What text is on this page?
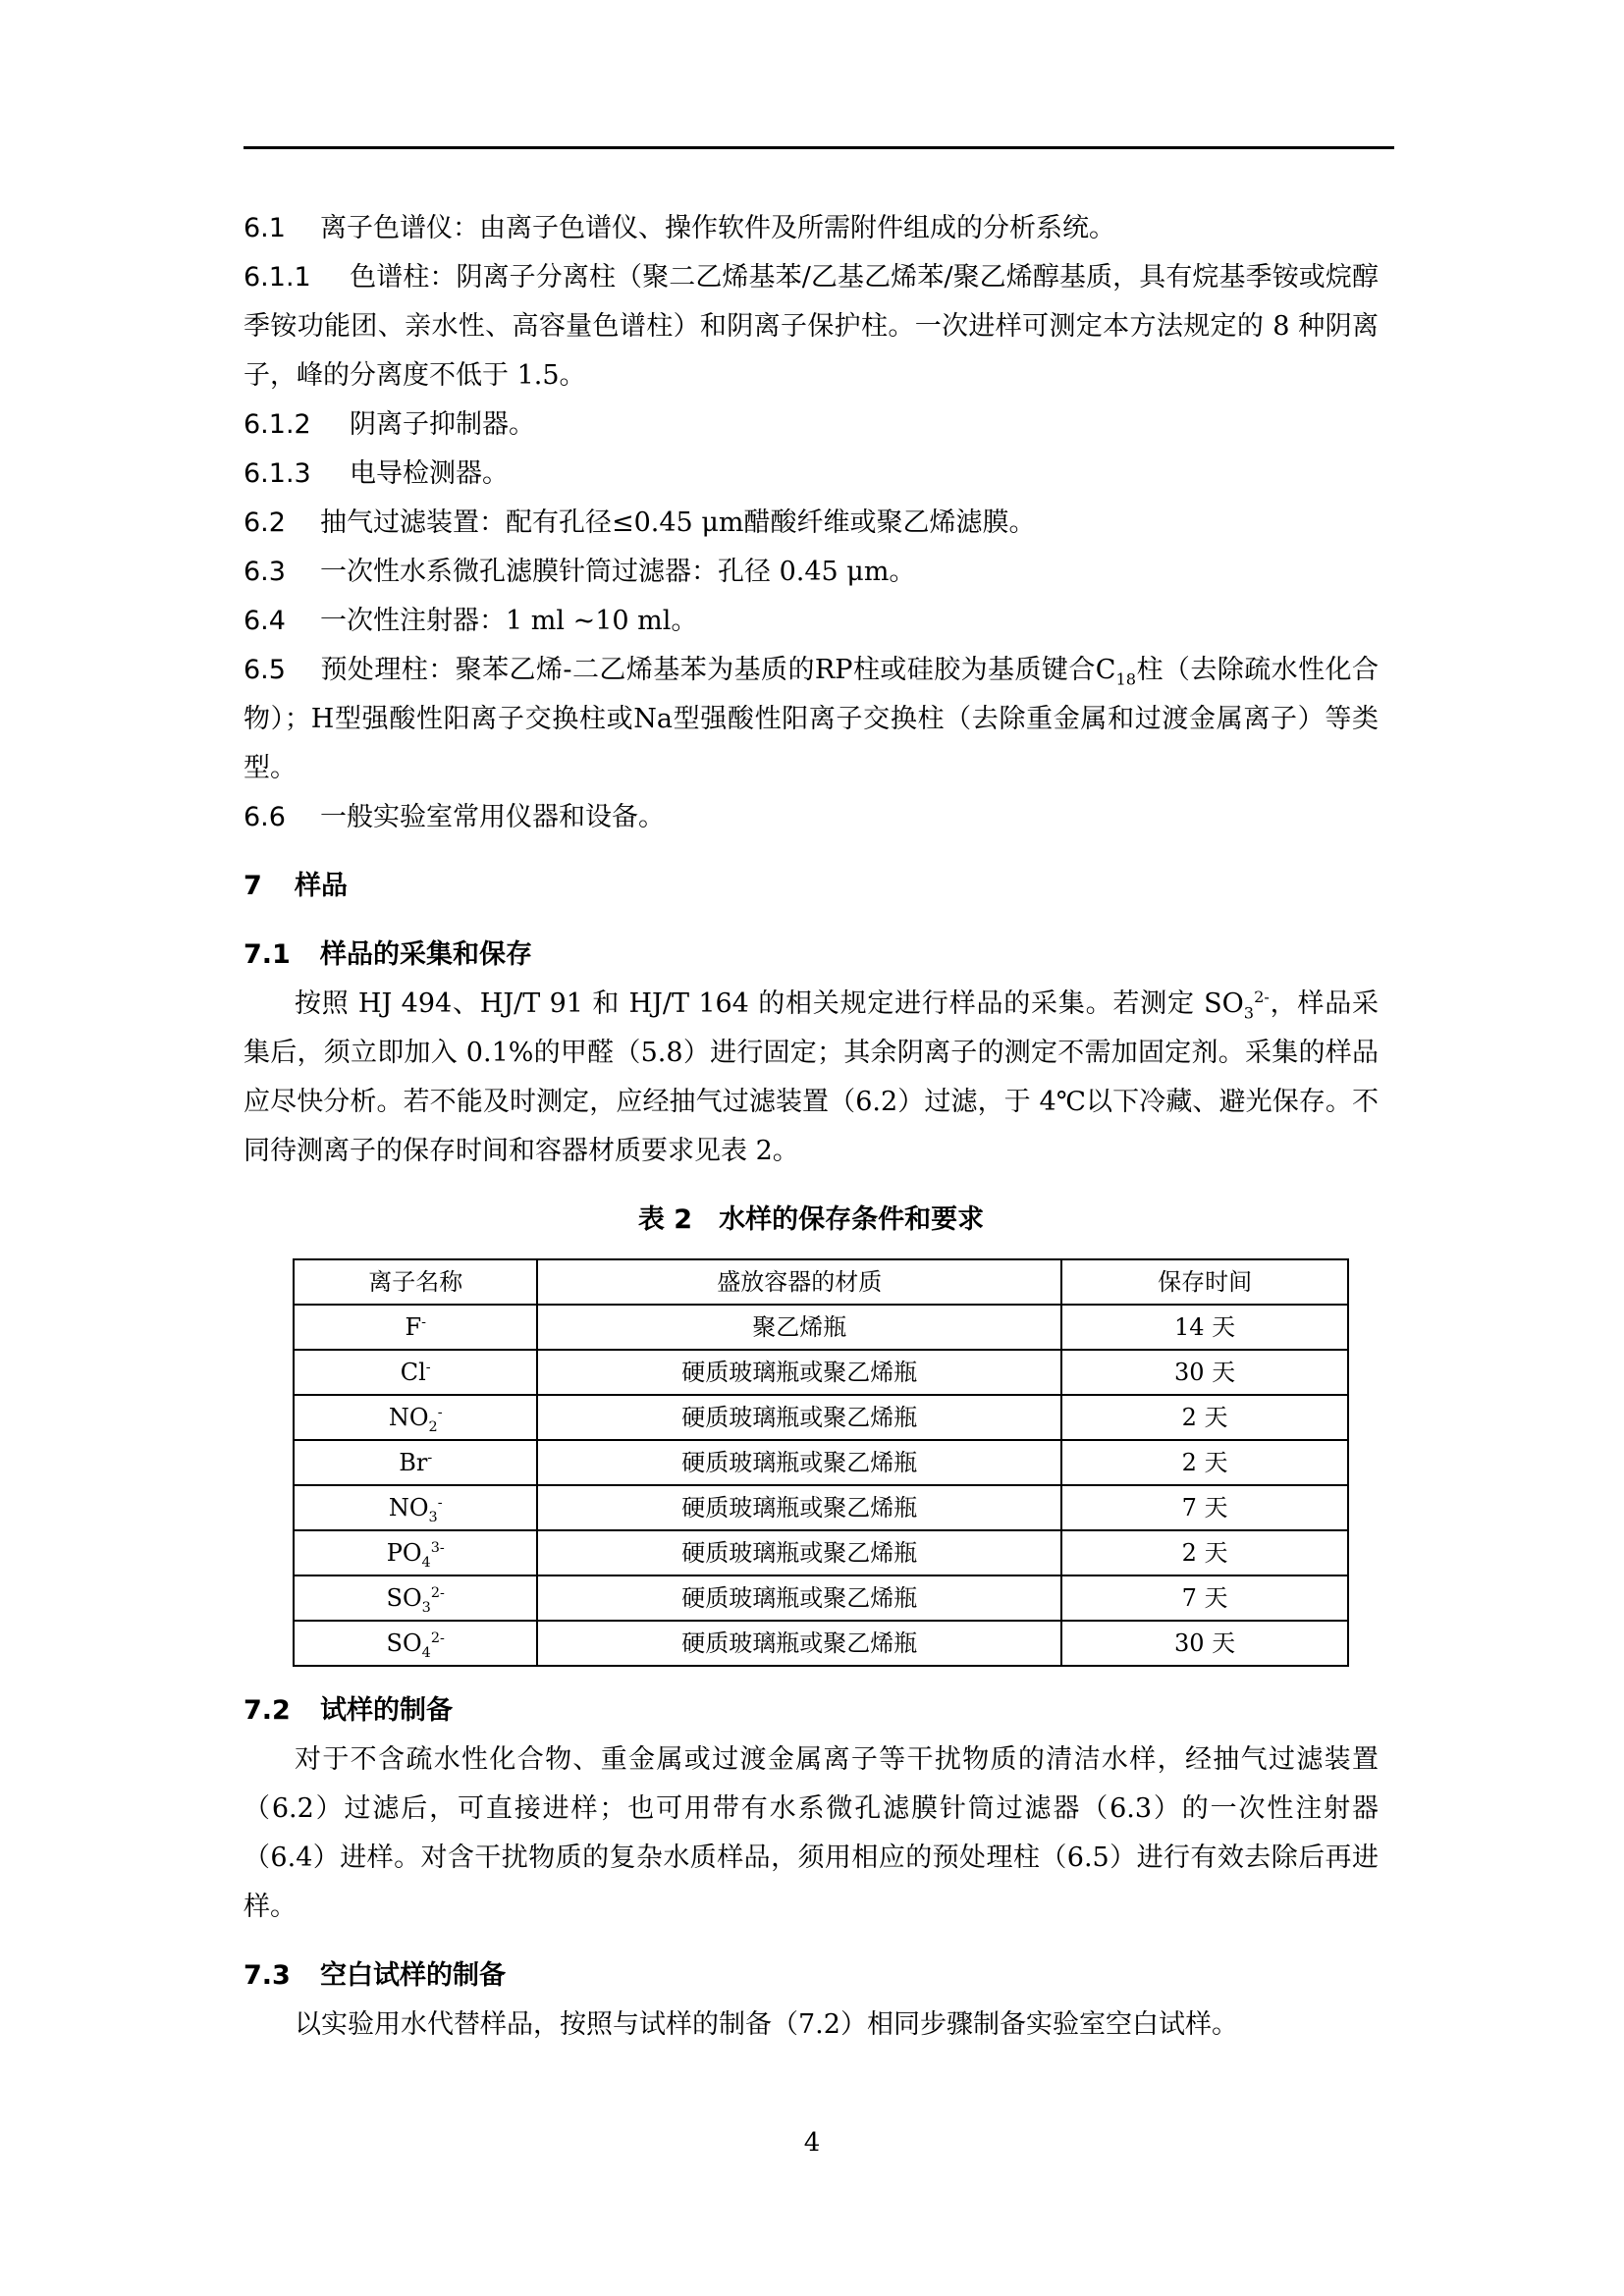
6.1 离子色谱仪：由离子色谱仪、操作软件及所需附件组成的分析系统。

6.1.1 色谱柱：阴离子分离柱（聚二乙烯基苯/乙基乙烯苯/聚乙烯醇基质，具有烷基季铵或烷醇季铵功能团、亲水性、高容量色谱柱）和阴离子保护柱。一次进样可测定本方法规定的 8 种阴离子，峰的分离度不低于 1.5。

6.1.2 阴离子抑制器。

6.1.3 电导检测器。

6.2 抽气过滤装置：配有孔径≤0.45 μm醋酸纤维或聚乙烯滤膜。

6.3 一次性水系微孔滤膜针筒过滤器：孔径 0.45 μm。

6.4 一次性注射器：1 ml ~10 ml。

6.5 预处理柱：聚苯乙烯-二乙烯基苯为基质的RP柱或硅胶为基质键合$C_{18}$柱（去除疏水性化合物）；H型强酸性阳离子交换柱或Na型强酸性阳离子交换柱（去除重金属和过渡金属离子）等类型。

6.6 一般实验室常用仪器和设备。

7 样品

7.1 样品的采集和保存

按照 HJ 494、HJ/T 91 和 HJ/T 164 的相关规定进行样品的采集。若测定 $SO_3^{2-}$，样品采集后，须立即加入 0.1%的甲醛（5.8）进行固定；其余阴离子的测定不需加固定剂。采集的样品应尽快分析。若不能及时测定，应经抽气过滤装置（6.2）过滤，于 4℃以下冷藏、避光保存。不同待测离子的保存时间和容器材质要求见表 2。

表 2　水样的保存条件和要求

离子名称	盛放容器的材质	保存时间
F-	聚乙烯瓶	14 天
Cl-	硬质玻璃瓶或聚乙烯瓶	30 天
$NO_2^-$	硬质玻璃瓶或聚乙烯瓶	2 天
Br-	硬质玻璃瓶或聚乙烯瓶	2 天
$NO_3^-$	硬质玻璃瓶或聚乙烯瓶	7 天
$PO_4^{3-}$	硬质玻璃瓶或聚乙烯瓶	2 天
$SO_3^{2-}$	硬质玻璃瓶或聚乙烯瓶	7 天
$SO_4^{2-}$	硬质玻璃瓶或聚乙烯瓶	30 天

7.2 试样的制备

对于不含疏水性化合物、重金属或过渡金属离子等干扰物质的清洁水样，经抽气过滤装置（6.2）过滤后，可直接进样；也可用带有水系微孔滤膜针筒过滤器（6.3）的一次性注射器（6.4）进样。对含干扰物质的复杂水质样品，须用相应的预处理柱（6.5）进行有效去除后再进样。

7.3 空白试样的制备

以实验用水代替样品，按照与试样的制备（7.2）相同步骤制备实验室空白试样。

4
